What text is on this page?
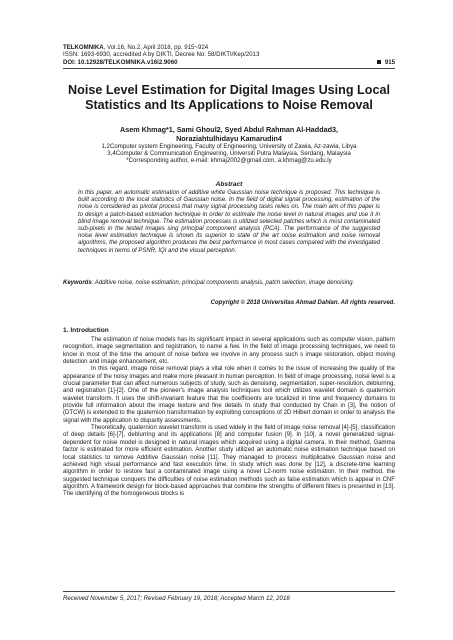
TELKOMNIKA, Vol.16, No.2, April 2018, pp. 915~924
ISSN: 1693-6930, accredited A by DIKTI, Decree No: 58/DIKTI/Kep/2013
DOI: 10.12928/TELKOMNIKA.v16i2.9060	915
Noise Level Estimation for Digital Images Using Local Statistics and Its Applications to Noise Removal
Asem Khmag*1, Sami Ghoul2, Syed Abdul Rahman Al-Haddad3,
Noraziahtulhidayu Kamarudin4
1,2Computer system Engineering, Faculty of Engineering, University of Zawia, Az-zawia, Libya
3,4Computer & Communication Engineering, Universiti Putra Malaysia, Serdang, Malaysia
*Corresponding author, e-mail: khmaj2002@gmail.com, a.khmag@zu.edu.ly
Abstract
In this paper, an automatic estimation of additive white Gaussian noise technique is proposed. This technique is built according to the local statistics of Gaussian noise. In the field of digital signal processing, estimation of the noise is considered as pivotal process that many signal processing tasks relies on. The main aim of this paper is to design a patch-based estimation technique in order to estimate the noise level in natural images and use it in blind image removal technique. The estimation processes is utilized selected patches which is most contaminated sub-pixels in the tested images sing principal component analysis (PCA). The performance of the suggested noise level estimation technique is shown its superior to state of the art noise estimation and noise removal algorithms, the proposed algorithm produces the best performance in most cases compared with the investigated techniques in terms of PSNR, IQI and the visual perception.
Keywords: Additive noise, noise estimation, principal components analysis, patch selection, image denoising.
Copyright © 2018 Universitas Ahmad Dahlan. All rights reserved.
1. Introduction

The estimation of noise models has its significant impact in several applications such as computer vision, pattern recognition, image segmentation and registration, to name a few. In the field of image processing techniques, we need to know in most of the time the amount of noise before we involve in any process such s image restoration, object moving detection and image enhancement, etc.

In this regard, image noise removal plays a vital role when it comes to the issue of increasing the quality of the appearance of the noisy images and make more pleasant in human perception. In field of image processing, noise level is a crucial parameter that can affect numerous subjects of study, such as denoising, segmentation, super-resolution, deblurring, and registration [1]-[2]. One of the pioneer's image analysis techniques tool which utilizes wavelet domain is quaternion wavelet transform. It uses the shift-invariant feature that the coefficients are localized in time and frequency domains to provide full information about the image texture and fine details In study that conducted by Chan in [3], the notion of (DTCW) is extended to the quaternion transformation by exploiting conceptions of 2D Hilbert domain in order to analysis the signal with the application to disparity assessments.

Theoretically, quaternion wavelet transform is used widely in the field of image noise removal [4]-[5], classification of deep details [6]-[7], deblurring and its applications [8] and computer fusion [9]. In [10], a novel generalized signal-dependent for noise model is designed in natural images which acquired using a digital camera. In their method, Gamma factor is estimated for more efficient estimation. Another study utilized an automatic noise estimation technique based on local statistics to remove Additive Gaussian noise [11]. They managed to process multiplicative Gaussian noise and achieved high visual performance and fast execution time. In study which was done by [12], a discrete-time learning algorithm in order to restore fast a contaminated image using a novel L2-norm noise estimation. In their method, the suggested technique conquers the difficulties of noise estimation methods such as false estimation which is appear in CNF algorithm. A framework design for block-based approaches that combine the strengths of different filters is presented in [13]. The identifying of the homogeneous blocks is

Received November 5, 2017; Revised February 19, 2018; Accepted March 12, 2018
